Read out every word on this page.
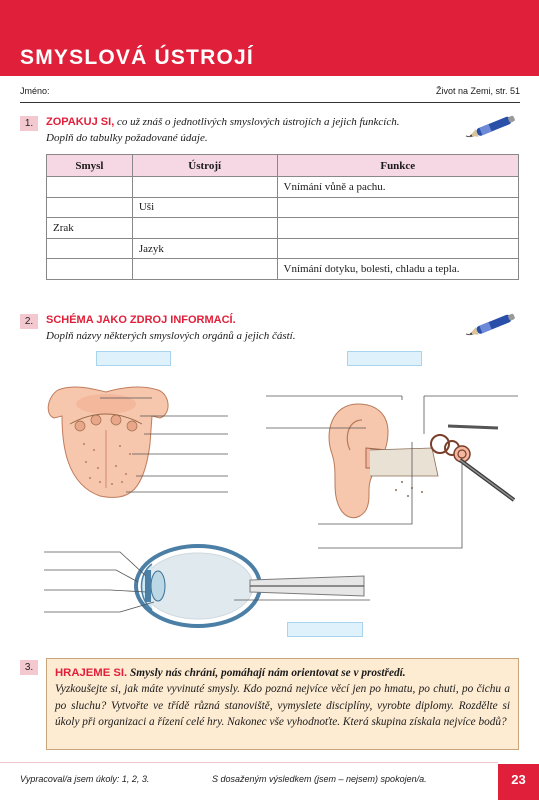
SMYSLOVÁ ÚSTROJÍ
Jméno:	Život na Zemi, str. 51
1.	ZOPAKUJ SI, co už znáš o jednotlivých smyslových ústrojích a jejich funkcích.
Doplň do tabulky požadované údaje.
Smysl	Ústrojí	Funkce
		Vnímání vůně a pachu.
	Uši	
Zrak		
	Jazyk	
		Vnímání dotyku, bolesti, chladu a tepla.
2.	SCHÉMA JAKO ZDROJ INFORMACÍ.
Doplň názvy některých smyslových orgánů a jejich částí.
3.	HRAJEME SI. Smysly nás chrání, pomáhají nám orientovat se v prostředí.
Vyzkoušejte si, jak máte vyvinuté smysly. Kdo pozná nejvíce věcí jen po hmatu, po chuti, po čichu a po sluchu? Vytvořte ve třídě různá stanoviště, vymyslete disciplíny, vyrobte diplomy. Rozdělte si úkoly při organizaci a řízení celé hry. Nakonec vše vyhodnoťte. Která skupina získala nejvíce bodů?

Vypracoval/a jsem úkoly: 1, 2, 3.	S dosaženým výsledkem (jsem – nejsem) spokojen/a.	23
